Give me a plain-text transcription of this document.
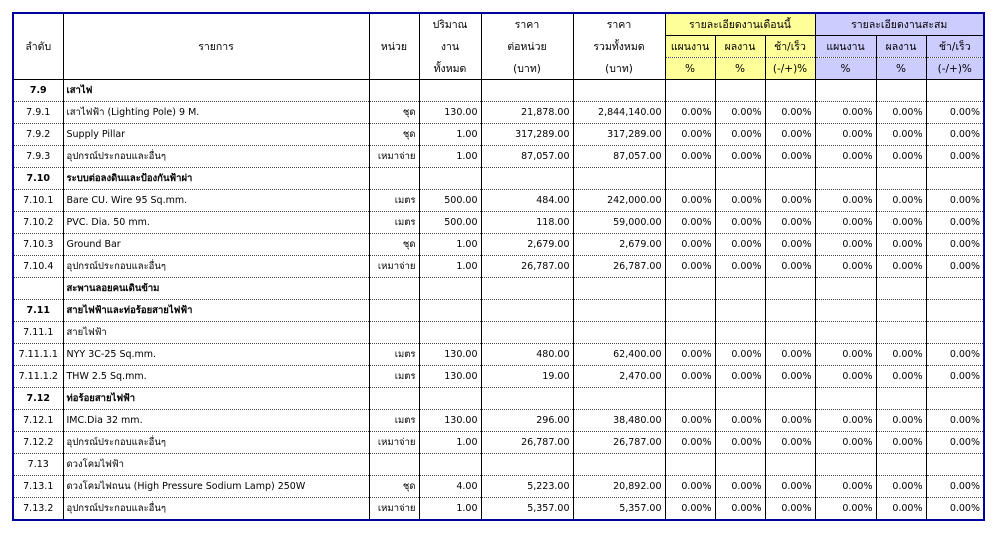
ลำดับ	รายการ	หน่วย	ปริมาณ	ราคา	ราคา	รายละเอียดงานเดือนนี้			รายละเอียดงานสะสม		
			งาน	ต่อหน่วย	รวมทั้งหมด	แผนงาน	ผลงาน	ช้า/เร็ว	แผนงาน	ผลงาน	ช้า/เร็ว
			ทั้งหมด	(บาท)	(บาท)	%	%	(-/+)%	%	%	(-/+)%
7.9	เสาไฟ										
7.9.1	เสาไฟฟ้า (Lighting Pole) 9 M.	ชุด	130.00	21,878.00	2,844,140.00	0.00%	0.00%	0.00%	0.00%	0.00%	0.00%
7.9.2	Supply Pillar	ชุด	1.00	317,289.00	317,289.00	0.00%	0.00%	0.00%	0.00%	0.00%	0.00%
7.9.3	อุปกรณ์ประกอบและอื่นๆ	เหมาจ่าย	1.00	87,057.00	87,057.00	0.00%	0.00%	0.00%	0.00%	0.00%	0.00%
7.10	ระบบต่อลงดินและป้องกันฟ้าผ่า										
7.10.1	Bare CU. Wire 95 Sq.mm.	เมตร	500.00	484.00	242,000.00	0.00%	0.00%	0.00%	0.00%	0.00%	0.00%
7.10.2	PVC. Dia. 50 mm.	เมตร	500.00	118.00	59,000.00	0.00%	0.00%	0.00%	0.00%	0.00%	0.00%
7.10.3	Ground Bar	ชุด	1.00	2,679.00	2,679.00	0.00%	0.00%	0.00%	0.00%	0.00%	0.00%
7.10.4	อุปกรณ์ประกอบและอื่นๆ	เหมาจ่าย	1.00	26,787.00	26,787.00	0.00%	0.00%	0.00%	0.00%	0.00%	0.00%
	สะพานลอยคนเดินข้าม										
7.11	สายไฟฟ้าและท่อร้อยสายไฟฟ้า										
7.11.1	สายไฟฟ้า										
7.11.1.1	NYY 3C-25 Sq.mm.	เมตร	130.00	480.00	62,400.00	0.00%	0.00%	0.00%	0.00%	0.00%	0.00%
7.11.1.2	THW 2.5 Sq.mm.	เมตร	130.00	19.00	2,470.00	0.00%	0.00%	0.00%	0.00%	0.00%	0.00%
7.12	ท่อร้อยสายไฟฟ้า										
7.12.1	IMC.Dia 32 mm.	เมตร	130.00	296.00	38,480.00	0.00%	0.00%	0.00%	0.00%	0.00%	0.00%
7.12.2	อุปกรณ์ประกอบและอื่นๆ	เหมาจ่าย	1.00	26,787.00	26,787.00	0.00%	0.00%	0.00%	0.00%	0.00%	0.00%
7.13	ดวงโคมไฟฟ้า										
7.13.1	ดวงโคมไฟถนน (High Pressure Sodium Lamp) 250W	ชุด	4.00	5,223.00	20,892.00	0.00%	0.00%	0.00%	0.00%	0.00%	0.00%
7.13.2	อุปกรณ์ประกอบและอื่นๆ	เหมาจ่าย	1.00	5,357.00	5,357.00	0.00%	0.00%	0.00%	0.00%	0.00%	0.00%
